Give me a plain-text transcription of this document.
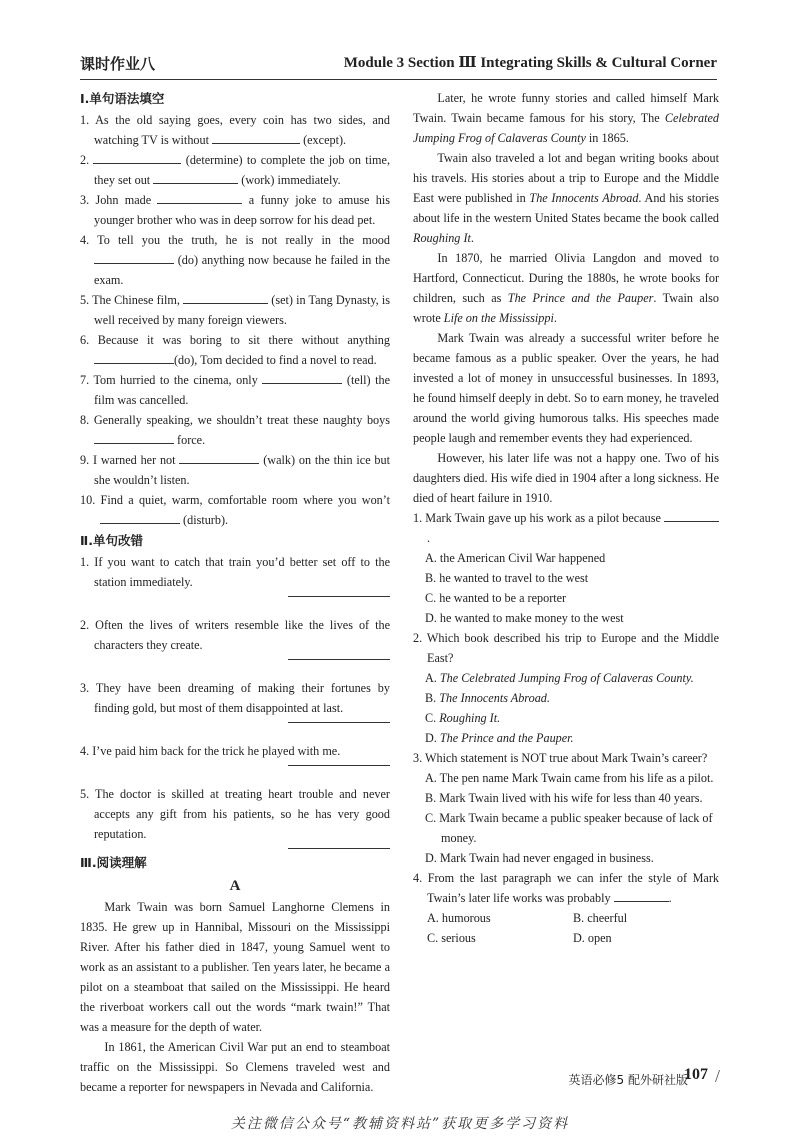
课时作业八	Module 3 Section Ⅲ Integrating Skills & Cultural Corner
Ⅰ.单句语法填空
1. As the old saying goes, every coin has two sides, and watching TV is without	(except).
2.	(determine) to complete the job on time, they set out	(work) immediately.
3. John made	a funny joke to amuse his younger brother who was in deep sorrow for his dead pet.
4. To tell you the truth, he is not really in the mood  (do) anything now because he failed in the exam.
5. The Chinese film,	(set) in Tang Dynasty, is well received by many foreign viewers.
6. Because it was boring to sit there without anything (do), Tom decided to find a novel to read.
7. Tom hurried to the cinema, only	(tell) the film was cancelled.
8. Generally speaking, we shouldn’t treat these naughty boys  force.
9. I warned her not	(walk) on the thin ice but she wouldn’t listen.
10. Find a quiet, warm, comfortable room where you won’t  (disturb).
Ⅱ.单句改错
1. If you want to catch that train you’d better set off to the station immediately.
2. Often the lives of writers resemble like the lives of the characters they create.
3. They have been dreaming of making their fortunes by finding gold, but most of them disappointed at last.
4. I’ve paid him back for the trick he played with me.
5. The doctor is skilled at treating heart trouble and never accepts any gift from his patients, so he has very good reputation.
Ⅲ.阅读理解
A
Mark Twain was born Samuel Langhorne Clemens in 1835. He grew up in Hannibal, Missouri on the Mississippi River. After his father died in 1847, young Samuel went to work as an assistant to a publisher. Ten years later, he became a pilot on a steamboat that sailed on the Mississippi. He heard the riverboat workers call out the words “mark twain!” That was a measure for the depth of water.
In 1861, the American Civil War put an end to steamboat traffic on the Mississippi. So Clemens traveled west and became a reporter for newspapers in Nevada and California.
Later, he wrote funny stories and called himself Mark Twain. Twain became famous for his story, The Celebrated Jumping Frog of Calaveras County in 1865.
Twain also traveled a lot and began writing books about his travels. His stories about a trip to Europe and the Middle East were published in The Innocents Abroad. And his stories about life in the western United States became the book called Roughing It.
In 1870, he married Olivia Langdon and moved to Hartford, Connecticut. During the 1880s, he wrote books for children, such as The Prince and the Pauper. Twain also wrote Life on the Mississippi.
Mark Twain was already a successful writer before he became famous as a public speaker. Over the years, he had invested a lot of money in unsuccessful businesses. In 1893, he found himself deeply in debt. So to earn money, he traveled around the world giving humorous talks. His speeches made people laugh and remember events they had experienced.
However, his later life was not a happy one. Two of his daughters died. His wife died in 1904 after a long sickness. He died of heart failure in 1910.
1. Mark Twain gave up his work as a pilot because .
A. the American Civil War happened
B. he wanted to travel to the west
C. he wanted to be a reporter
D. he wanted to make money to the west
2. Which book described his trip to Europe and the Middle East?
A. The Celebrated Jumping Frog of Calaveras County.
B. The Innocents Abroad.
C. Roughing It.
D. The Prince and the Pauper.
3. Which statement is NOT true about Mark Twain’s career?
A. The pen name Mark Twain came from his life as a pilot.
B. Mark Twain lived with his wife for less than 40 years.
C. Mark Twain became a public speaker because of lack of money.
D. Mark Twain had never engaged in business.
4. From the last paragraph we can infer the style of Mark Twain’s later life works was probably	.
A. humorous	B. cheerful
C. serious	D. open
英语必修5 配外研社版
107 /
关注微信公众号“教辅资料站”获取更多学习资料
